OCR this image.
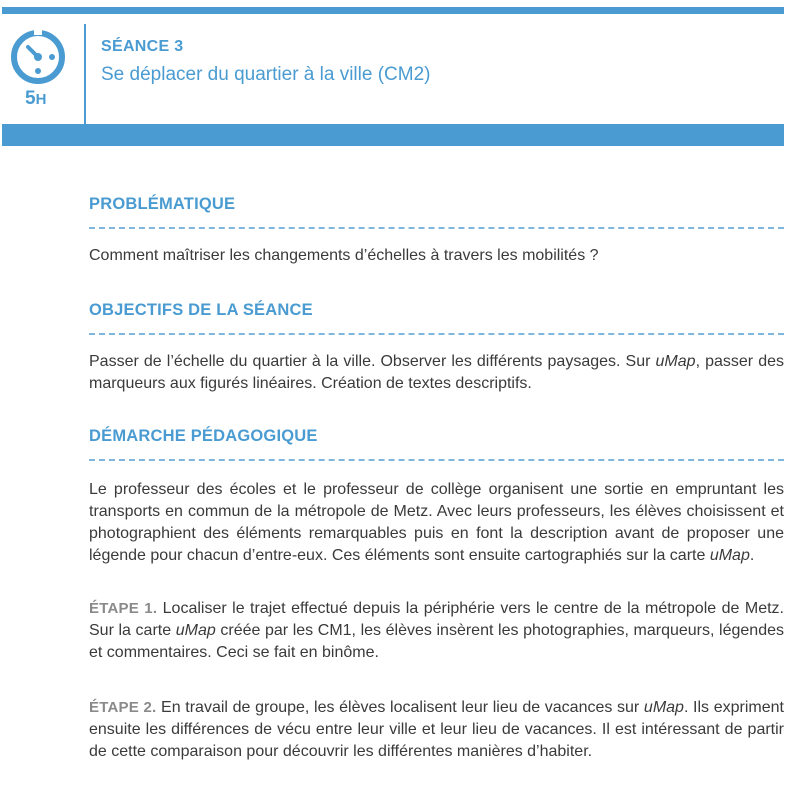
5H
SÉANCE 3
Se déplacer du quartier à la ville (CM2)
PROBLÉMATIQUE
Comment maîtriser les changements d’échelles à travers les mobilités ?
OBJECTIFS DE LA SÉANCE
Passer de l’échelle du quartier à la ville. Observer les différents paysages. Sur uMap, passer des marqueurs aux figurés linéaires. Création de textes descriptifs.
DÉMARCHE PÉDAGOGIQUE
Le professeur des écoles et le professeur de collège organisent une sortie en empruntant les transports en commun de la métropole de Metz. Avec leurs professeurs, les élèves choisissent et photographient des éléments remarquables puis en font la description avant de proposer une légende pour chacun d’entre-eux. Ces éléments sont ensuite cartographiés sur la carte uMap.
ÉTAPE 1. Localiser le trajet effectué depuis la périphérie vers le centre de la métropole de Metz. Sur la carte uMap créée par les CM1, les élèves insèrent les photographies, marqueurs, légendes et commentaires. Ceci se fait en binôme.
ÉTAPE 2. En travail de groupe, les élèves localisent leur lieu de vacances sur uMap. Ils expriment ensuite les différences de vécu entre leur ville et leur lieu de vacances. Il est intéressant de partir de cette comparaison pour découvrir les différentes manières d’habiter.
